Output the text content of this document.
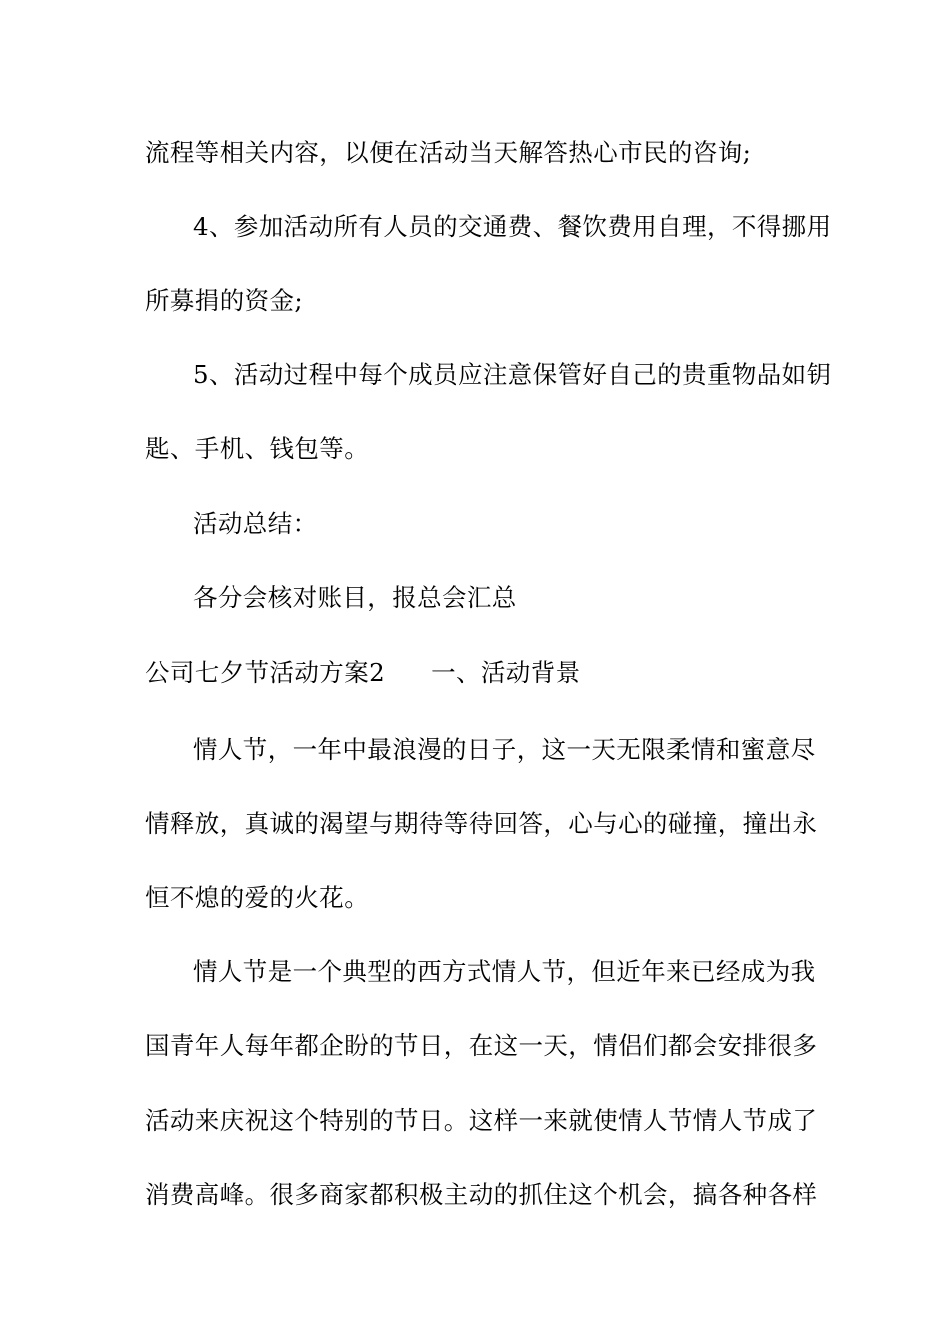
流程等相关内容，以便在活动当天解答热心市民的咨询;
4、参加活动所有人员的交通费、餐饮费用自理，不得挪用
所募捐的资金;
5、活动过程中每个成员应注意保管好自己的贵重物品如钥
匙、手机、钱包等。
活动总结：
各分会核对账目，报总会汇总
公司七夕节活动方案2 一、活动背景
情人节，一年中最浪漫的日子，这一天无限柔情和蜜意尽
情释放，真诚的渴望与期待等待回答，心与心的碰撞，撞出永
恒不熄的爱的火花。
情人节是一个典型的西方式情人节，但近年来已经成为我
国青年人每年都企盼的节日，在这一天，情侣们都会安排很多
活动来庆祝这个特别的节日。这样一来就使情人节情人节成了
消费高峰。很多商家都积极主动的抓住这个机会，搞各种各样
